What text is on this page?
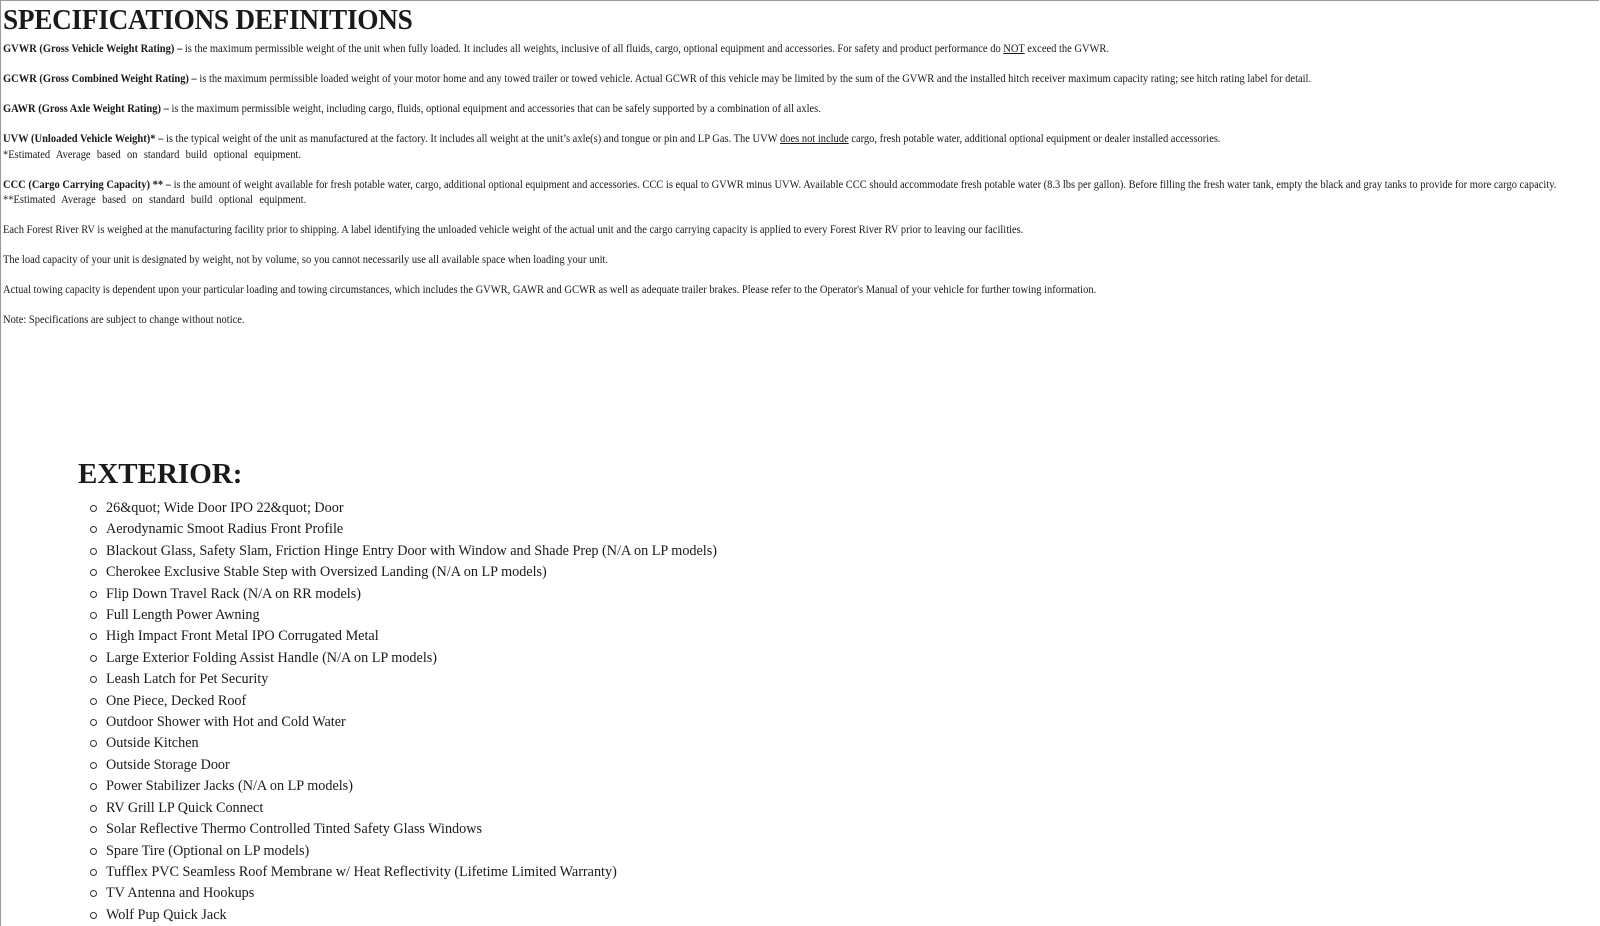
SPECIFICATIONS DEFINITIONS

GVWR (Gross Vehicle Weight Rating) – is the maximum permissible weight of the unit when fully loaded. It includes all weights, inclusive of all fluids, cargo, optional equipment and accessories. For safety and product performance do NOT exceed the GVWR.

GCWR (Gross Combined Weight Rating) – is the maximum permissible loaded weight of your motor home and any towed trailer or towed vehicle. Actual GCWR of this vehicle may be limited by the sum of the GVWR and the installed hitch receiver maximum capacity rating; see hitch rating label for detail.

GAWR (Gross Axle Weight Rating) – is the maximum permissible weight, including cargo, fluids, optional equipment and accessories that can be safely supported by a combination of all axles.

UVW (Unloaded Vehicle Weight)* – is the typical weight of the unit as manufactured at the factory. It includes all weight at the unit’s axle(s) and tongue or pin and LP Gas. The UVW does not include cargo, fresh potable water, additional optional equipment or dealer installed accessories.

*Estimated Average based on standard build optional equipment.

CCC (Cargo Carrying Capacity) ** – is the amount of weight available for fresh potable water, cargo, additional optional equipment and accessories. CCC is equal to GVWR minus UVW. Available CCC should accommodate fresh potable water (8.3 lbs per gallon). Before filling the fresh water tank, empty the black and gray tanks to provide for more cargo capacity.

**Estimated Average based on standard build optional equipment.

Each Forest River RV is weighed at the manufacturing facility prior to shipping. A label identifying the unloaded vehicle weight of the actual unit and the cargo carrying capacity is applied to every Forest River RV prior to leaving our facilities.

The load capacity of your unit is designated by weight, not by volume, so you cannot necessarily use all available space when loading your unit.

Actual towing capacity is dependent upon your particular loading and towing circumstances, which includes the GVWR, GAWR and GCWR as well as adequate trailer brakes. Please refer to the Operator's Manual of your vehicle for further towing information.

Note: Specifications are subject to change without notice.

EXTERIOR:
26&quot; Wide Door IPO 22&quot; Door
Aerodynamic Smoot Radius Front Profile
Blackout Glass, Safety Slam, Friction Hinge Entry Door with Window and Shade Prep (N/A on LP models)
Cherokee Exclusive Stable Step with Oversized Landing (N/A on LP models)
Flip Down Travel Rack (N/A on RR models)
Full Length Power Awning
High Impact Front Metal IPO Corrugated Metal
Large Exterior Folding Assist Handle (N/A on LP models)
Leash Latch for Pet Security
One Piece, Decked Roof
Outdoor Shower with Hot and Cold Water
Outside Kitchen
Outside Storage Door
Power Stabilizer Jacks (N/A on LP models)
RV Grill LP Quick Connect
Solar Reflective Thermo Controlled Tinted Safety Glass Windows
Spare Tire (Optional on LP models)
Tufflex PVC Seamless Roof Membrane w/ Heat Reflectivity (Lifetime Limited Warranty)
TV Antenna and Hookups
Wolf Pup Quick Jack
